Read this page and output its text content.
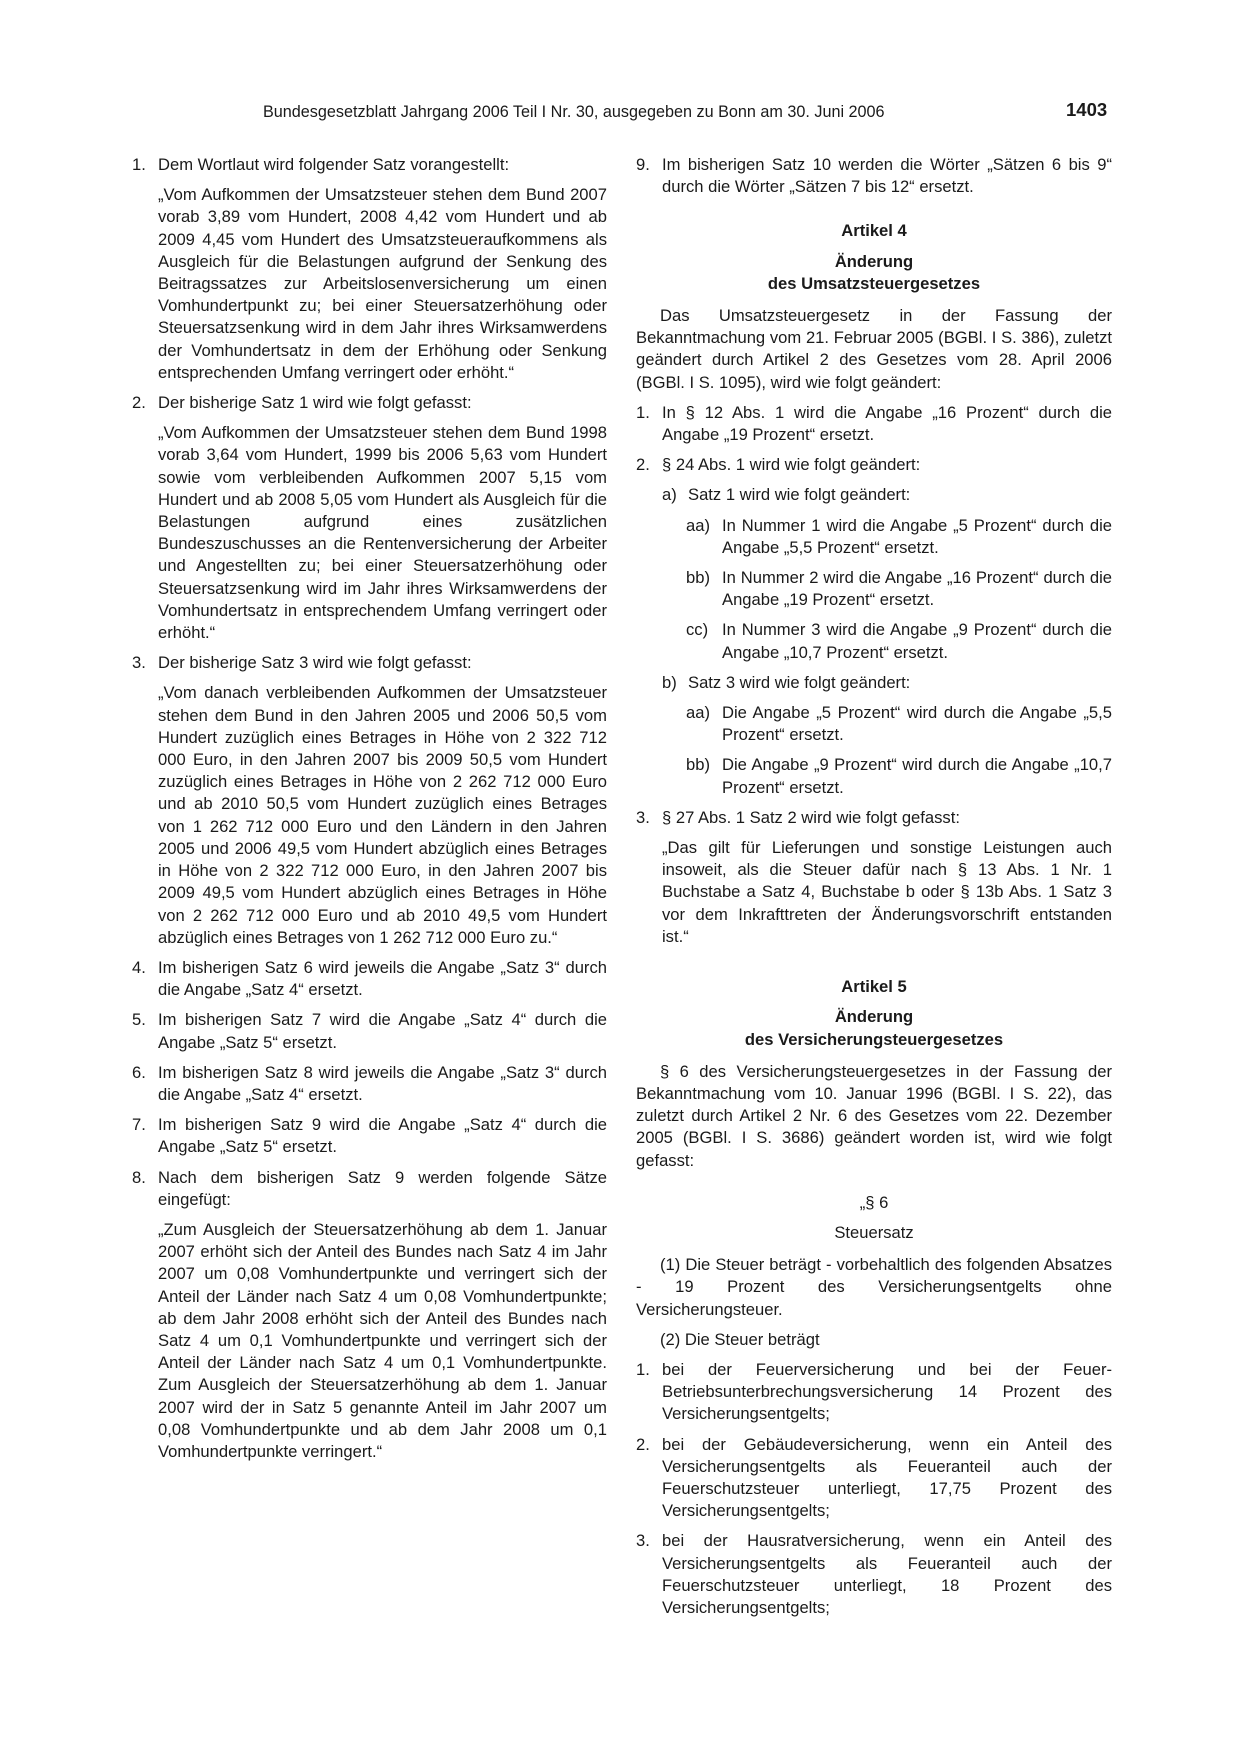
Bundesgesetzblatt Jahrgang 2006 Teil I Nr. 30, ausgegeben zu Bonn am 30. Juni 2006	1403
1. Dem Wortlaut wird folgender Satz vorangestellt:

„Vom Aufkommen der Umsatzsteuer stehen dem Bund 2007 vorab 3,89 vom Hundert, 2008 4,42 vom Hundert und ab 2009 4,45 vom Hundert des Umsatzsteueraufkommens als Ausgleich für die Belastungen aufgrund der Senkung des Beitragssatzes zur Arbeitslosenversicherung um einen Vomhundertpunkt zu; bei einer Steuersatzerhöhung oder Steuersatzsenkung wird in dem Jahr ihres Wirksamwerdens der Vomhundertsatz in dem der Erhöhung oder Senkung entsprechenden Umfang verringert oder erhöht.“
2. Der bisherige Satz 1 wird wie folgt gefasst:

„Vom Aufkommen der Umsatzsteuer stehen dem Bund 1998 vorab 3,64 vom Hundert, 1999 bis 2006 5,63 vom Hundert sowie vom verbleibenden Aufkommen 2007 5,15 vom Hundert und ab 2008 5,05 vom Hundert als Ausgleich für die Belastungen aufgrund eines zusätzlichen Bundeszuschusses an die Rentenversicherung der Arbeiter und Angestellten zu; bei einer Steuersatzerhöhung oder Steuersatzsenkung wird im Jahr ihres Wirksamwerdens der Vomhundertsatz in entsprechendem Umfang verringert oder erhöht.“
3. Der bisherige Satz 3 wird wie folgt gefasst:

„Vom danach verbleibenden Aufkommen der Umsatzsteuer stehen dem Bund in den Jahren 2005 und 2006 50,5 vom Hundert zuzüglich eines Betrages in Höhe von 2 322 712 000 Euro, in den Jahren 2007 bis 2009 50,5 vom Hundert zuzüglich eines Betrages in Höhe von 2 262 712 000 Euro und ab 2010 50,5 vom Hundert zuzüglich eines Betrages von 1 262 712 000 Euro und den Ländern in den Jahren 2005 und 2006 49,5 vom Hundert abzüglich eines Betrages in Höhe von 2 322 712 000 Euro, in den Jahren 2007 bis 2009 49,5 vom Hundert abzüglich eines Betrages in Höhe von 2 262 712 000 Euro und ab 2010 49,5 vom Hundert abzüglich eines Betrages von 1 262 712 000 Euro zu.“
4. Im bisherigen Satz 6 wird jeweils die Angabe „Satz 3“ durch die Angabe „Satz 4“ ersetzt.

5. Im bisherigen Satz 7 wird die Angabe „Satz 4“ durch die Angabe „Satz 5“ ersetzt.

6. Im bisherigen Satz 8 wird jeweils die Angabe „Satz 3“ durch die Angabe „Satz 4“ ersetzt.

7. Im bisherigen Satz 9 wird die Angabe „Satz 4“ durch die Angabe „Satz 5“ ersetzt.

8. Nach dem bisherigen Satz 9 werden folgende Sätze eingefügt:

„Zum Ausgleich der Steuersatzerhöhung ab dem 1. Januar 2007 erhöht sich der Anteil des Bundes nach Satz 4 im Jahr 2007 um 0,08 Vomhundertpunkte und verringert sich der Anteil der Länder nach Satz 4 um 0,08 Vomhundertpunkte; ab dem Jahr 2008 erhöht sich der Anteil des Bundes nach Satz 4 um 0,1 Vomhundertpunkte und verringert sich der Anteil der Länder nach Satz 4 um 0,1 Vomhundertpunkte. Zum Ausgleich der Steuersatzerhöhung ab dem 1. Januar 2007 wird der in Satz 5 genannte Anteil im Jahr 2007 um 0,08 Vomhundertpunkte und ab dem Jahr 2008 um 0,1 Vomhundertpunkte verringert.“
9. Im bisherigen Satz 10 werden die Wörter „Sätzen 6 bis 9“ durch die Wörter „Sätzen 7 bis 12“ ersetzt.

Artikel 4
Änderung
des Umsatzsteuergesetzes

Das Umsatzsteuergesetz in der Fassung der Bekanntmachung vom 21. Februar 2005 (BGBl. I S. 386), zuletzt geändert durch Artikel 2 des Gesetzes vom 28. April 2006 (BGBl. I S. 1095), wird wie folgt geändert:

1. In § 12 Abs. 1 wird die Angabe „16 Prozent“ durch die Angabe „19 Prozent“ ersetzt.

2. § 24 Abs. 1 wird wie folgt geändert:

a) Satz 1 wird wie folgt geändert:

aa) In Nummer 1 wird die Angabe „5 Prozent“ durch die Angabe „5,5 Prozent“ ersetzt.

bb) In Nummer 2 wird die Angabe „16 Prozent“ durch die Angabe „19 Prozent“ ersetzt.

cc) In Nummer 3 wird die Angabe „9 Prozent“ durch die Angabe „10,7 Prozent“ ersetzt.

b) Satz 3 wird wie folgt geändert:

aa) Die Angabe „5 Prozent“ wird durch die Angabe „5,5 Prozent“ ersetzt.

bb) Die Angabe „9 Prozent“ wird durch die Angabe „10,7 Prozent“ ersetzt.

3. § 27 Abs. 1 Satz 2 wird wie folgt gefasst:

„Das gilt für Lieferungen und sonstige Leistungen auch insoweit, als die Steuer dafür nach § 13 Abs. 1 Nr. 1 Buchstabe a Satz 4, Buchstabe b oder § 13b Abs. 1 Satz 3 vor dem Inkrafttreten der Änderungsvorschrift entstanden ist.“
Artikel 5
Änderung
des Versicherungsteuergesetzes

§ 6 des Versicherungsteuergesetzes in der Fassung der Bekanntmachung vom 10. Januar 1996 (BGBl. I S. 22), das zuletzt durch Artikel 2 Nr. 6 des Gesetzes vom 22. Dezember 2005 (BGBl. I S. 3686) geändert worden ist, wird wie folgt gefasst:

„§ 6
Steuersatz

(1) Die Steuer beträgt - vorbehaltlich des folgenden Absatzes - 19 Prozent des Versicherungsentgelts ohne Versicherungsteuer.

(2) Die Steuer beträgt

1. bei der Feuerversicherung und bei der Feuer-Betriebsunterbrechungsversicherung 14 Prozent des Versicherungsentgelts;

2. bei der Gebäudeversicherung, wenn ein Anteil des Versicherungsentgelts als Feueranteil auch der Feuerschutzsteuer unterliegt, 17,75 Prozent des Versicherungsentgelts;

3. bei der Hausratversicherung, wenn ein Anteil des Versicherungsentgelts als Feueranteil auch der Feuerschutzsteuer unterliegt, 18 Prozent des Versicherungsentgelts;
